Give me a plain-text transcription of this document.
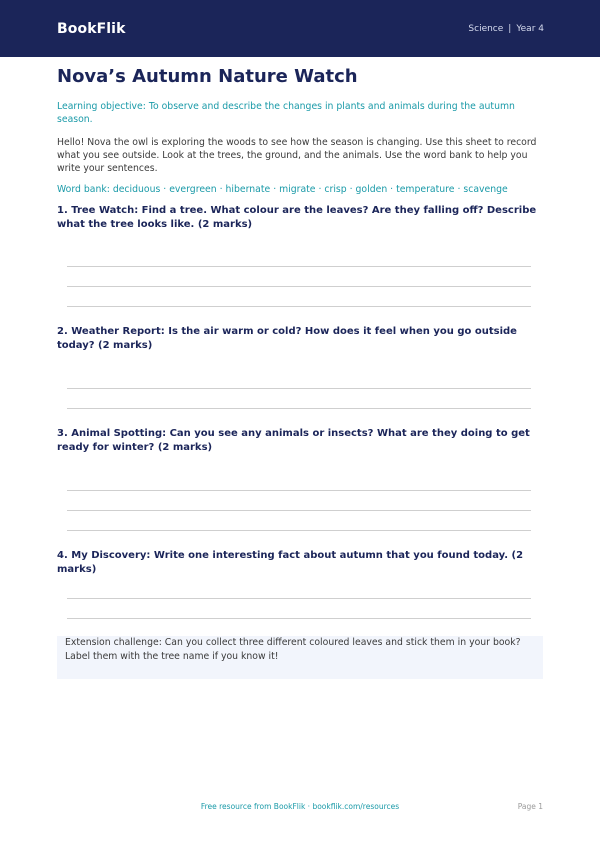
BookFlik	Science | Year 4
Nova’s Autumn Nature Watch
Learning objective: To observe and describe the changes in plants and animals during the autumn season.
Hello! Nova the owl is exploring the woods to see how the season is changing. Use this sheet to record what you see outside. Look at the trees, the ground, and the animals. Use the word bank to help you write your sentences.
Word bank: deciduous · evergreen · hibernate · migrate · crisp · golden · temperature · scavenge
1. Tree Watch: Find a tree. What colour are the leaves? Are they falling off? Describe what the tree looks like. (2 marks)
2. Weather Report: Is the air warm or cold? How does it feel when you go outside today? (2 marks)
3. Animal Spotting: Can you see any animals or insects? What are they doing to get ready for winter? (2 marks)
4. My Discovery: Write one interesting fact about autumn that you found today. (2 marks)
Extension challenge: Can you collect three different coloured leaves and stick them in your book? Label them with the tree name if you know it!
Free resource from BookFlik · bookflik.com/resources	Page 1
